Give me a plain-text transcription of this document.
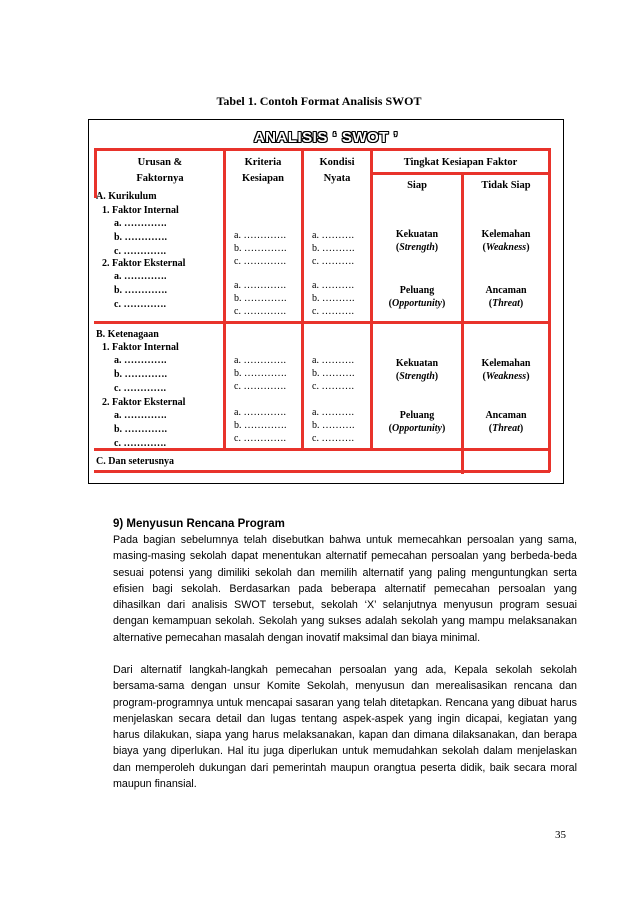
Tabel 1. Contoh Format Analisis SWOT
ANALISIS ‘ SWOT ’
Urusan &
Faktornya
Kriteria
Kesiapan
Kondisi
Nyata
Tingkat Kesiapan Faktor
Siap	Tidak Siap
A. Kurikulum
1. Faktor Internal
a. ………….
b. ………….
c. ………….
2. Faktor Eksternal
a. ………….
b. ………….
c. ………….
a. ………….
b. ………….
c. ………….
a. ………….
b. ………….
c. ………….
a. ……….
b. ……….
c. ……….
a. ……….
b. ……….
c. ……….
Kekuatan
(Strength)
Kelemahan
(Weakness)
Peluang
(Opportunity)
Ancaman
(Threat)
B. Ketenagaan
1. Faktor Internal
a. ………….
b. ………….
c. ………….
2. Faktor Eksternal
a. ………….
b. ………….
c. ………….
a. ………….
b. ………….
c. ………….
a. ………….
b. ………….
c. ………….
a. ……….
b. ……….
c. ……….
a. ……….
b. ……….
c. ……….
Kekuatan
(Strength)
Kelemahan
(Weakness)
Peluang
(Opportunity)
Ancaman
(Threat)
C. Dan seterusnya
9) Menyusun Rencana Program

Pada bagian sebelumnya telah disebutkan bahwa untuk memecahkan persoalan yang sama, masing-masing sekolah dapat menentukan alternatif pemecahan persoalan yang berbeda-beda sesuai potensi yang dimiliki sekolah dan memilih alternatif yang paling menguntungkan serta efisien bagi sekolah. Berdasarkan pada beberapa alternatif pemecahan persoalan yang dihasilkan dari analisis SWOT tersebut, sekolah ‘X’ selanjutnya menyusun program sesuai dengan kemampuan sekolah. Sekolah yang sukses adalah sekolah yang mampu melaksanakan alternative pemecahan masalah dengan inovatif maksimal dan biaya minimal.

Dari alternatif langkah-langkah pemecahan persoalan yang ada, Kepala sekolah sekolah bersama-sama dengan unsur Komite Sekolah, menyusun dan merealisasikan rencana dan program-programnya untuk mencapai sasaran yang telah ditetapkan. Rencana yang dibuat harus menjelaskan secara detail dan lugas tentang aspek-aspek yang ingin dicapai, kegiatan yang harus dilakukan, siapa yang harus melaksanakan, kapan dan dimana dilaksanakan, dan berapa biaya yang diperlukan. Hal itu juga diperlukan untuk memudahkan sekolah dalam menjelaskan dan memperoleh dukungan dari pemerintah maupun orangtua peserta didik, baik secara moral maupun finansial.

35
